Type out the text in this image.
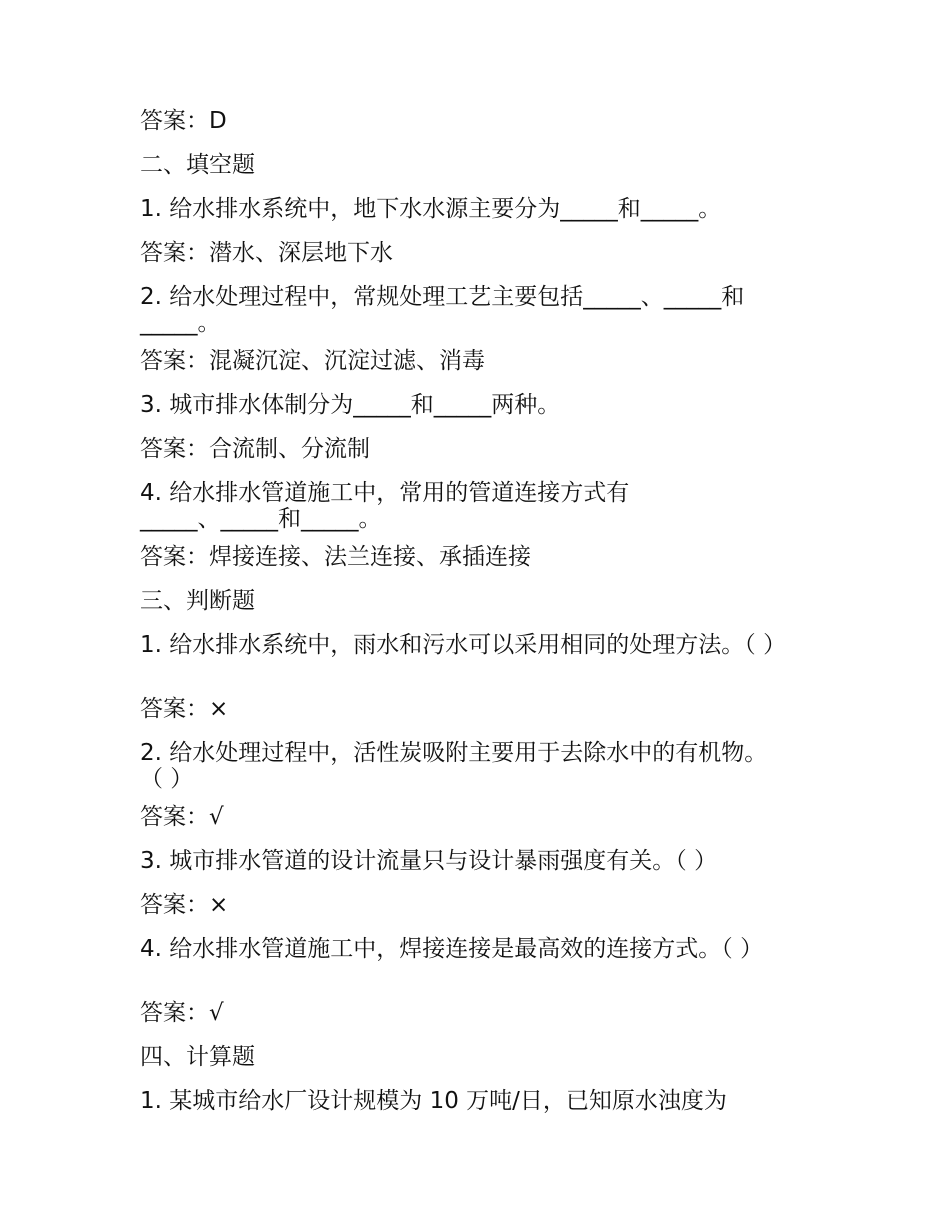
答案：D
二、填空题
1. 给水排水系统中，地下水水源主要分为_____和_____。
答案：潜水、深层地下水
2. 给水处理过程中，常规处理工艺主要包括_____、_____和_____。
答案：混凝沉淀、沉淀过滤、消毒
3. 城市排水体制分为_____和_____两种。
答案：合流制、分流制
4. 给水排水管道施工中，常用的管道连接方式有_____、_____和_____。
答案：焊接连接、法兰连接、承插连接
三、判断题
1. 给水排水系统中，雨水和污水可以采用相同的处理方法。（ ）
答案：×
2. 给水处理过程中，活性炭吸附主要用于去除水中的有机物。（ ）
答案：√
3. 城市排水管道的设计流量只与设计暴雨强度有关。（ ）
答案：×
4. 给水排水管道施工中，焊接连接是最高效的连接方式。（ ）
答案：√
四、计算题
1. 某城市给水厂设计规模为 10 万吨/日，已知原水浊度为
